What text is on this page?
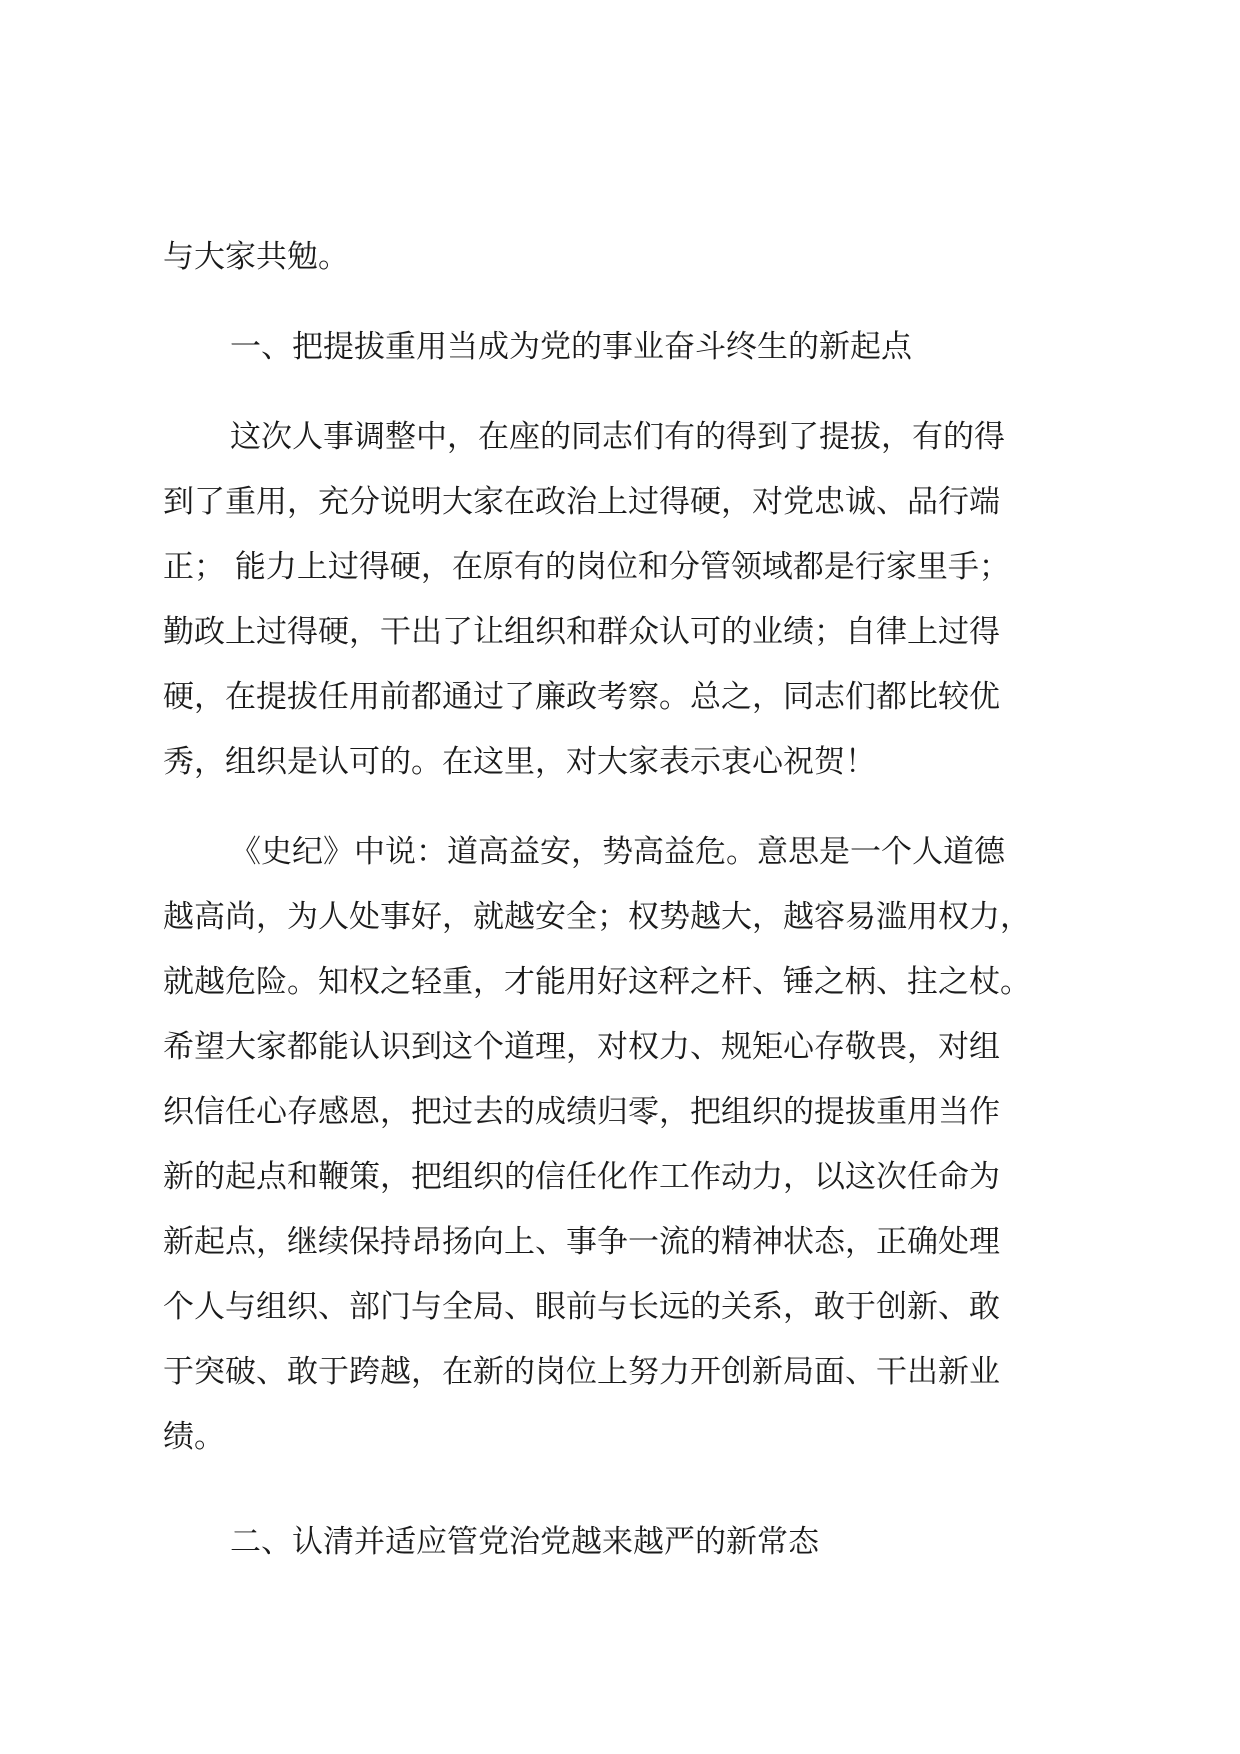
与大家共勉。
一、把提拔重用当成为党的事业奋斗终生的新起点
这次人事调整中，在座的同志们有的得到了提拔，有的得
到了重用，充分说明大家在政治上过得硬，对党忠诚、品行端
正； 能力上过得硬，在原有的岗位和分管领域都是行家里手；
勤政上过得硬，干出了让组织和群众认可的业绩；自律上过得
硬，在提拔任用前都通过了廉政考察。总之，同志们都比较优
秀，组织是认可的。在这里，对大家表示衷心祝贺！
《史纪》中说：道高益安，势高益危。意思是一个人道德
越高尚，为人处事好，就越安全；权势越大，越容易滥用权力，
就越危险。知权之轻重，才能用好这秤之杆、锤之柄、拄之杖。
希望大家都能认识到这个道理，对权力、规矩心存敬畏，对组
织信任心存感恩，把过去的成绩归零，把组织的提拔重用当作
新的起点和鞭策，把组织的信任化作工作动力，以这次任命为
新起点，继续保持昂扬向上、事争一流的精神状态，正确处理
个人与组织、部门与全局、眼前与长远的关系，敢于创新、敢
于突破、敢于跨越，在新的岗位上努力开创新局面、干出新业
绩。
二、认清并适应管党治党越来越严的新常态
